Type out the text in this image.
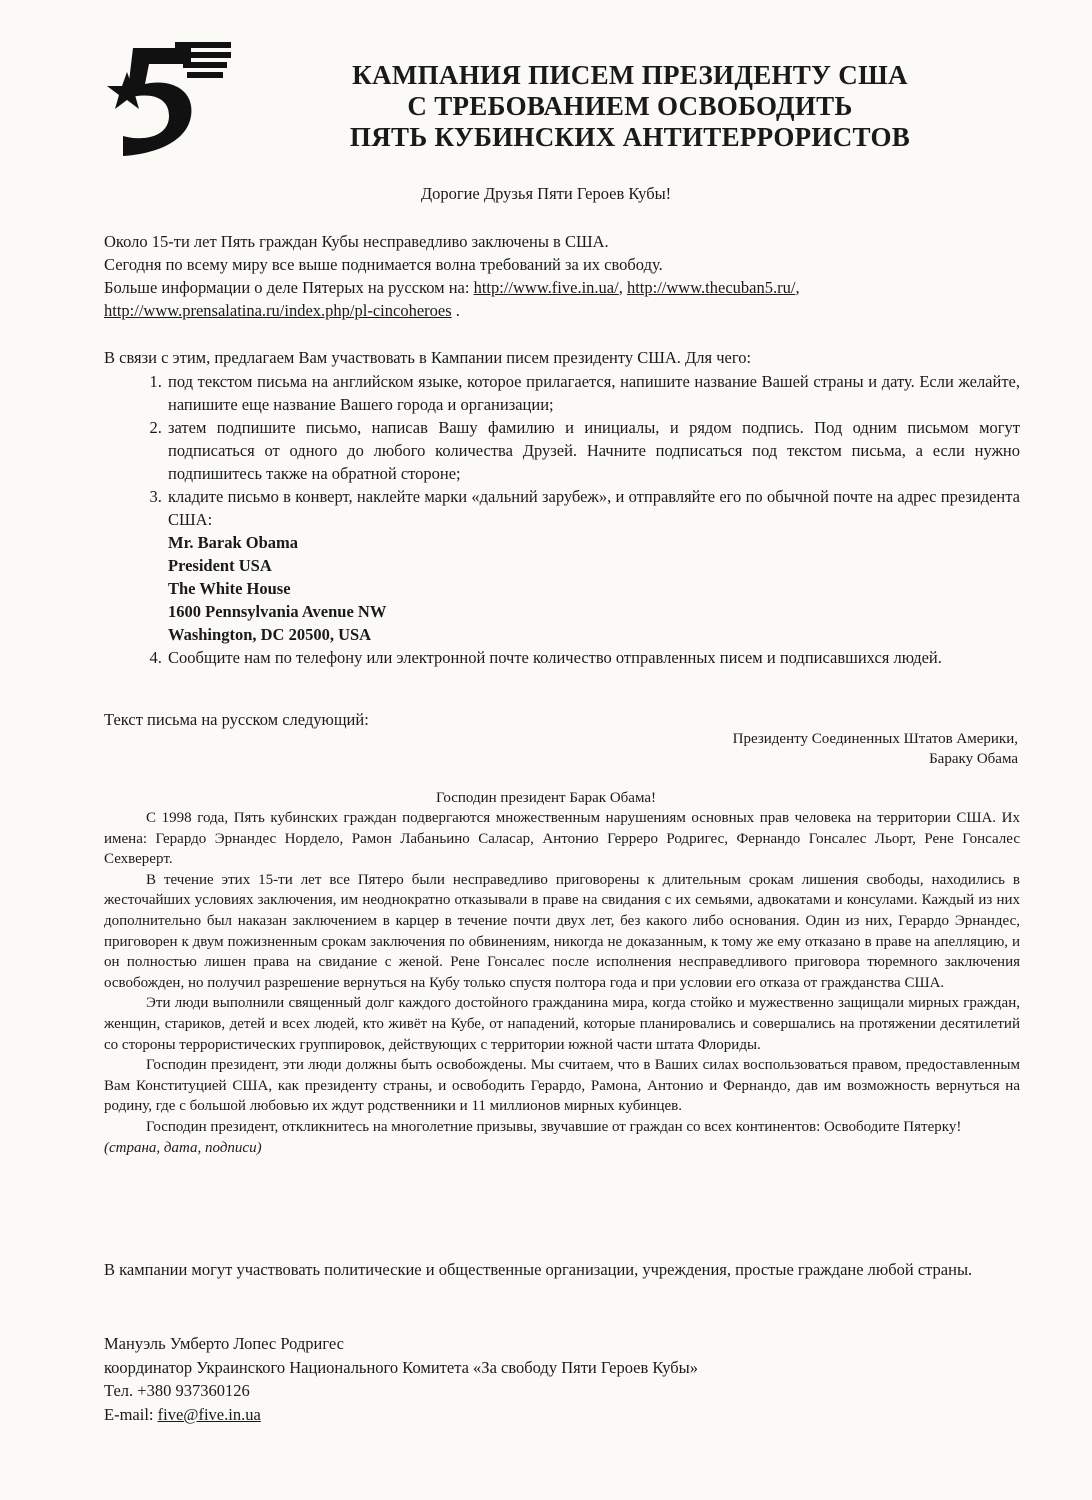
5
КАМПАНИЯ ПИСЕМ ПРЕЗИДЕНТУ США
С ТРЕБОВАНИЕМ ОСВОБОДИТЬ
ПЯТЬ КУБИНСКИХ АНТИТЕРРОРИСТОВ
Дорогие Друзья Пяти Героев Кубы!

Около 15-ти лет Пять граждан Кубы несправедливо заключены в США.

Сегодня по всему миру все выше поднимается волна требований за их свободу.

Больше информации о деле Пятерых на русском на: http://www.five.in.ua/, http://www.thecuban5.ru/,

http://www.prensalatina.ru/index.php/pl-cincoheroes .

В связи с этим, предлагаем Вам участвовать в Кампании писем президенту США. Для чего:

1. под текстом письма на английском языке, которое прилагается, напишите название Вашей страны и дату. Если желайте, напишите еще название Вашего города и организации;
2. затем подпишите письмо, написав Вашу фамилию и инициалы, и рядом подпись. Под одним письмом могут подписаться от одного до любого количества Друзей. Начните подписаться под текстом письма, а если нужно подпишитесь также на обратной стороне;
3. кладите письмо в конверт, наклейте марки «дальний зарубеж», и отправляйте его по обычной почте на адрес президента США:
Mr. Barak Obama
President USA
The White House
1600 Pennsylvania Avenue NW
Washington, DC 20500, USA
4. Сообщите нам по телефону или электронной почте количество отправленных писем и подписавшихся людей.
Текст письма на русском следующий:
Президенту Соединенных Штатов Америки,
Бараку Обама
Господин президент Барак Обама!

С 1998 года, Пять кубинских граждан подвергаются множественным нарушениям основных прав человека на территории США. Их имена: Герардо Эрнандес Нордело, Рамон Лабаньино Саласар, Антонио Герреро Родригес, Фернандо Гонсалес Льорт, Рене Гонсалес Сехвереpт.

В течение этих 15-ти лет все Пятеро были несправедливо приговорены к длительным срокам лишения свободы, находились в жесточайших условиях заключения, им неоднократно отказывали в праве на свидания с их семьями, адвокатами и консулами. Каждый из них дополнительно был наказан заключением в карцер в течение почти двух лет, без какого либо основания. Один из них, Герардо Эрнандес, приговорен к двум пожизненным срокам заключения по обвинениям, никогда не доказанным, к тому же ему отказано в праве на апелляцию, и он полностью лишен права на свидание с женой. Рене Гонсалес после исполнения несправедливого приговора тюремного заключения освобожден, но получил разрешение вернуться на Кубу только спустя полтора года и при условии его отказа от гражданства США.

Эти люди выполнили священный долг каждого достойного гражданина мира, когда стойко и мужественно защищали мирных граждан, женщин, стариков, детей и всех людей, кто живёт на Кубе, от нападений, которые планировались и совершались на протяжении десятилетий со стороны террористических группировок, действующих с территории южной части штата Флориды.

Господин президент, эти люди должны быть освобождены. Мы считаем, что в Ваших силах воспользоваться правом, предоставленным Вам Конституцией США, как президенту страны, и освободить Герардо, Рамона, Антонио и Фернандо, дав им возможность вернуться на родину, где с большой любовью их ждут родственники и 11 миллионов мирных кубинцев.

Господин президент, откликнитесь на многолетние призывы, звучавшие от граждан со всех континентов: Освободите Пятерку!

(страна, дата, подписи)

В кампании могут участвовать политические и общественные организации, учреждения, простые граждане любой страны.

Мануэль Умберто Лопес Родригес
координатор Украинского Национального Комитета «За свободу Пяти Героев Кубы»
Тел. +380 937360126
E-mail: five@five.in.ua
